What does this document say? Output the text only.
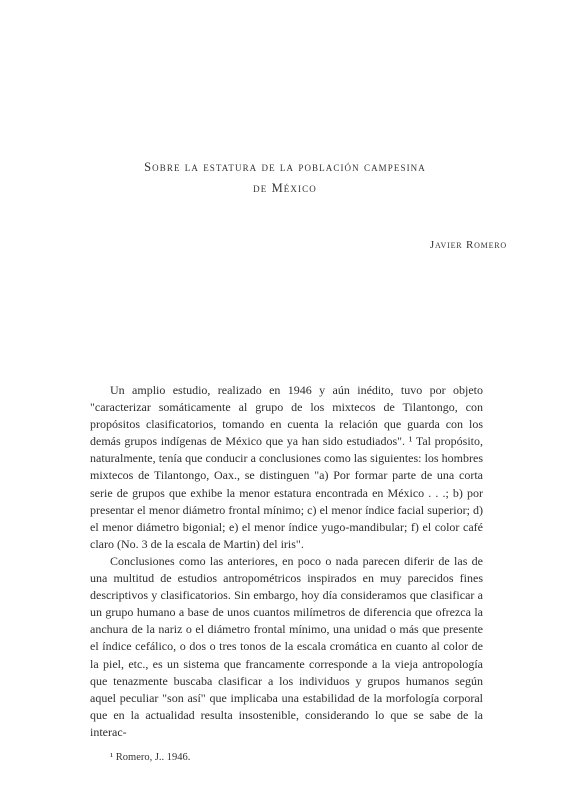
Sobre la estatura de la población campesina
de México
Javier Romero

Un amplio estudio, realizado en 1946 y aún inédito, tuvo por objeto "caracterizar somáticamente al grupo de los mixtecos de Tilantongo, con propósitos clasificatorios, tomando en cuenta la relación que guarda con los demás grupos indígenas de México que ya han sido estudiados". ¹ Tal propósito, naturalmente, tenía que conducir a conclusiones como las siguientes: los hombres mixtecos de Tilantongo, Oax., se distinguen "a) Por formar parte de una corta serie de grupos que exhibe la menor estatura encontrada en México . . .; b) por presentar el menor diámetro frontal mínimo; c) el menor índice facial superior; d) el menor diámetro bigonial; e) el menor índice yugo-mandibular; f) el color café claro (No. 3 de la escala de Martin) del iris".

Conclusiones como las anteriores, en poco o nada parecen diferir de las de una multitud de estudios antropométricos inspirados en muy parecidos fines descriptivos y clasificatorios. Sin embargo, hoy día consideramos que clasificar a un grupo humano a base de unos cuantos milímetros de diferencia que ofrezca la anchura de la nariz o el diámetro frontal mínimo, una unidad o más que presente el índice cefálico, o dos o tres tonos de la escala cromática en cuanto al color de la piel, etc., es un sistema que francamente corresponde a la vieja antropología que tenazmente buscaba clasificar a los individuos y grupos humanos según aquel peculiar "son así" que implicaba una estabilidad de la morfología corporal que en la actualidad resulta insostenible, considerando lo que se sabe de la interac-

¹ Romero, J.. 1946.
